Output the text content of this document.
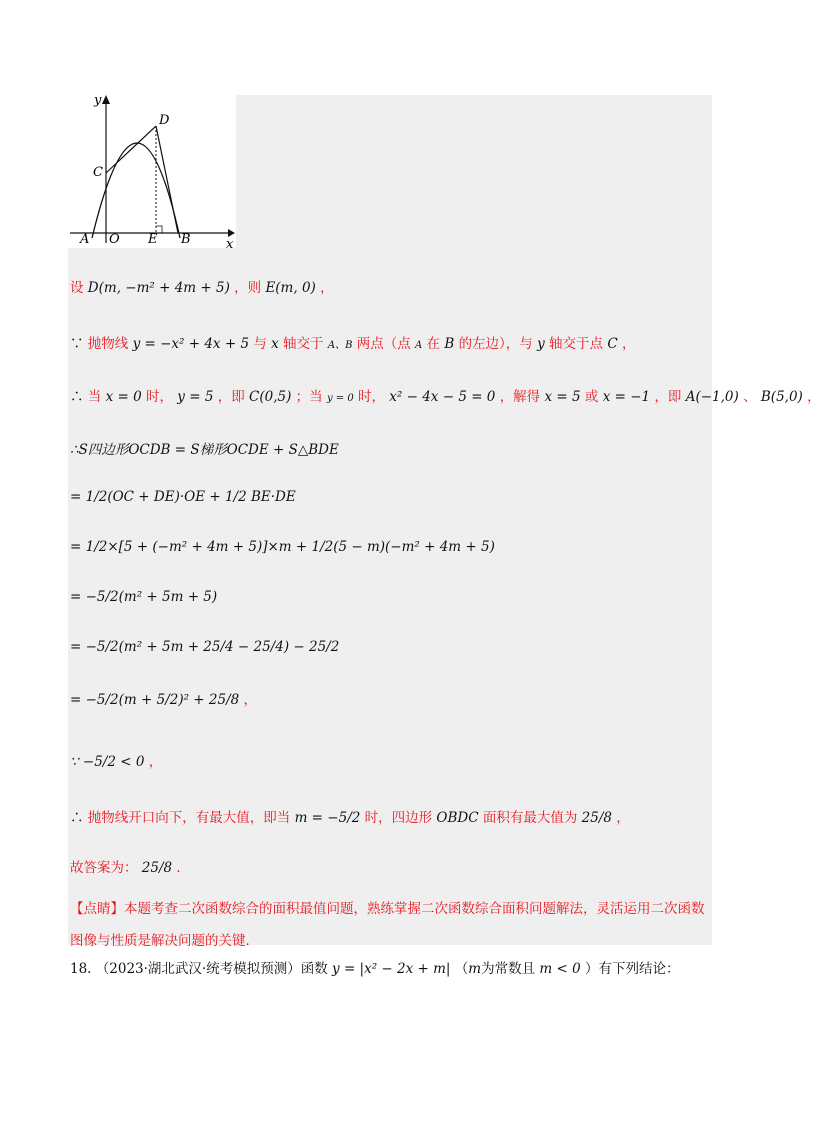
y
x
D
C
A O E B
设 D(m, −m² + 4m + 5) ，则 E(m, 0) ，
∵ 抛物线 y = −x² + 4x + 5 与 x 轴交于 A、B 两点（点 A 在 B 的左边），与 y 轴交于点 C ，
∴ 当 x = 0 时， y = 5 ，即 C(0,5) ；当 y = 0 时， x² − 4x − 5 = 0 ，解得 x = 5 或 x = −1 ，即 A(−1,0) 、 B(5,0) ，
∴S四边形OCDB = S梯形OCDE + S△BDE
= 1/2(OC + DE)·OE + 1/2 BE·DE
= 1/2×[5 + (−m² + 4m + 5)]×m + 1/2(5 − m)(−m² + 4m + 5)
= −5/2(m² + 5m + 5)
= −5/2(m² + 5m + 25/4 − 25/4) − 25/2
= −5/2(m + 5/2)² + 25/8 ，
∵ −5/2 < 0 ，
∴ 抛物线开口向下，有最大值，即当 m = −5/2 时，四边形 OBDC 面积有最大值为 25/8 ，
故答案为： 25/8 ．
【点睛】本题考查二次函数综合的面积最值问题，熟练掌握二次函数综合面积问题解法，灵活运用二次函数图像与性质是解决问题的关键．
18. （2023·湖北武汉·统考模拟预测）函数 y = |x² − 2x + m| （m为常数且 m < 0 ）有下列结论：
